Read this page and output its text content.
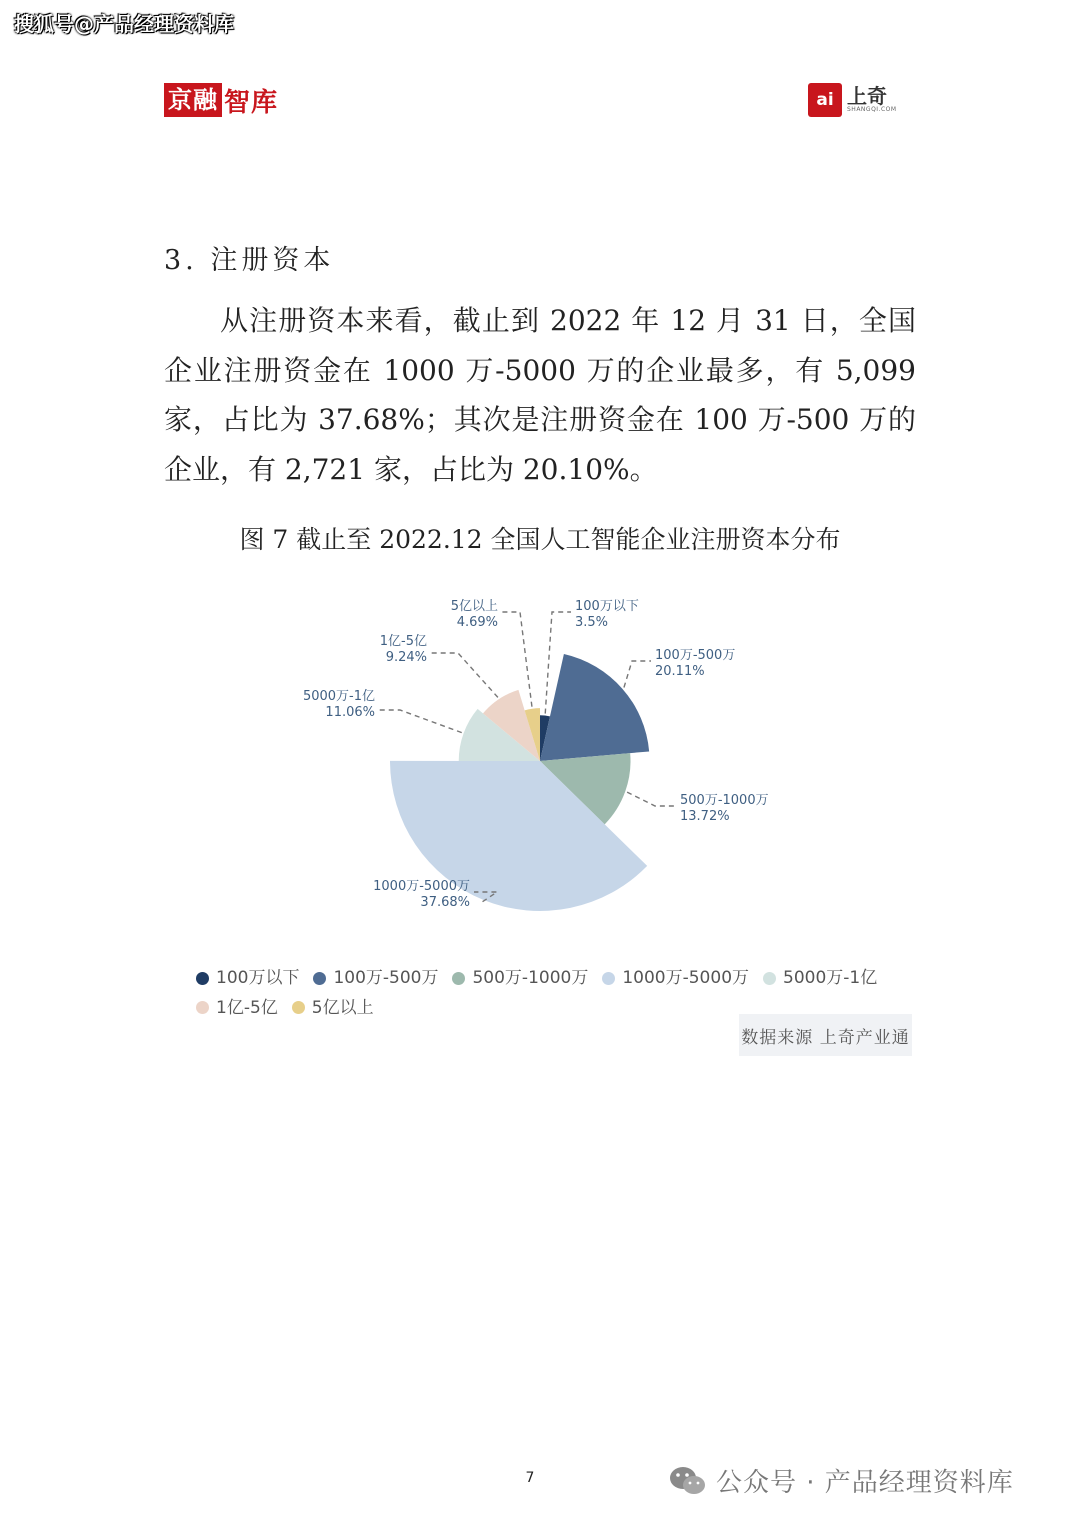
搜狐号@产品经理资料库
京融 智库	ai 上奇
SHANGQI.COM
3. 注册资本
从注册资本来看，截止到 2022 年 12 月 31 日，全国企业注册资金在 1000 万-5000 万的企业最多，有 5,099 家，占比为 37.68%；其次是注册资金在 100 万-500 万的企业，有 2,721 家，占比为 20.10%。
图 7 截止至 2022.12 全国人工智能企业注册资本分布
100万以下
3.5%
100万-500万
20.11%
500万-1000万
13.72%
1000万-5000万
37.68%
5000万-1亿
11.06%
1亿-5亿
9.24%
5亿以上
4.69%
100万以下 100万-500万 500万-1000万 1000万-5000万 5000万-1亿
1亿-5亿 5亿以上
数据来源 上奇产业通
7	公众号 · 产品经理资料库
